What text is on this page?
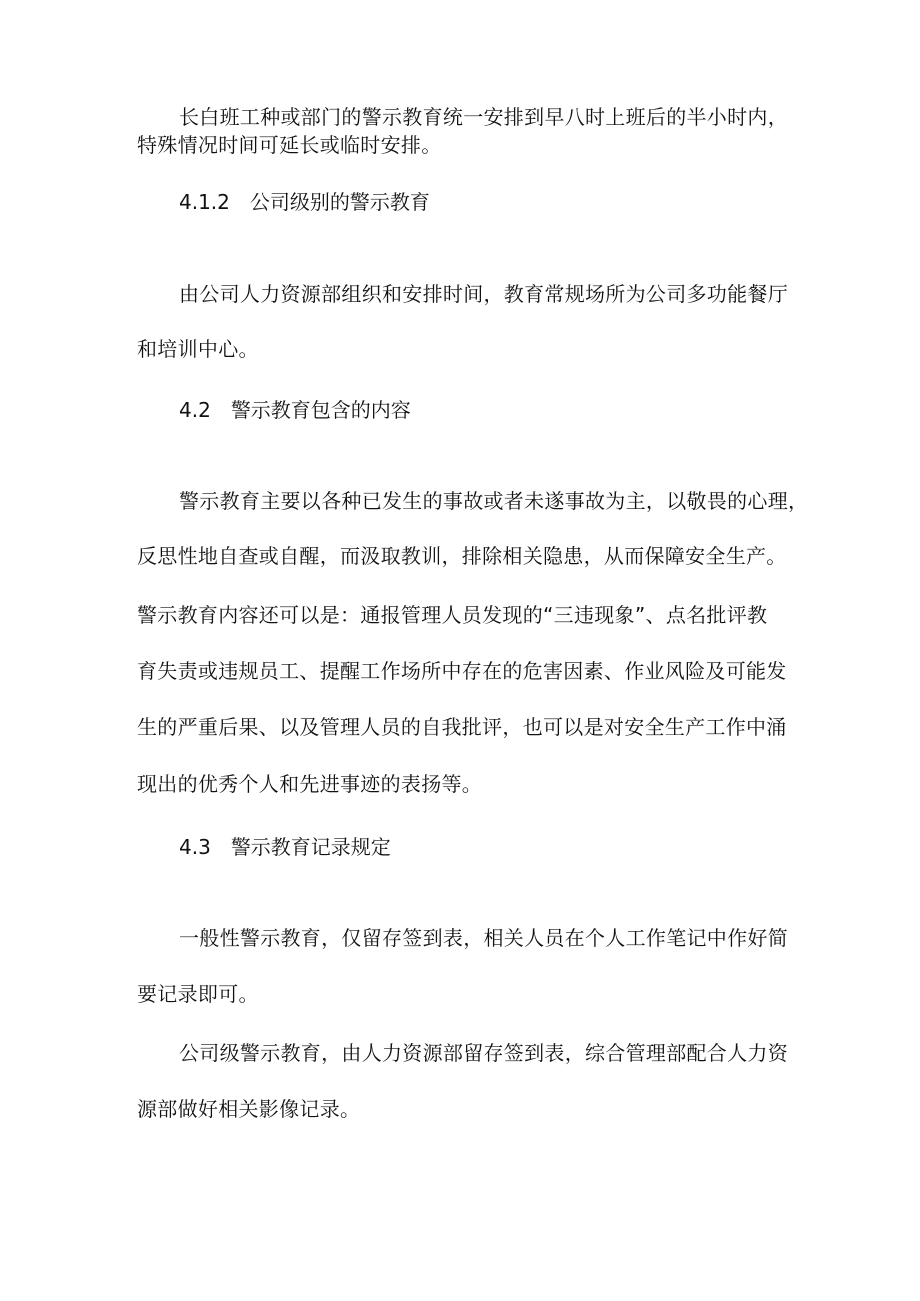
长白班工种或部门的警示教育统一安排到早八时上班后的半小时内，
特殊情况时间可延长或临时安排。
4.1.2 公司级别的警示教育
由公司人力资源部组织和安排时间，教育常规场所为公司多功能餐厅
和培训中心。
4.2 警示教育包含的内容
警示教育主要以各种已发生的事故或者未遂事故为主，以敬畏的心理，
反思性地自查或自醒，而汲取教训，排除相关隐患，从而保障安全生产。
警示教育内容还可以是：通报管理人员发现的“三违现象”、点名批评教
育失责或违规员工、提醒工作场所中存在的危害因素、作业风险及可能发
生的严重后果、以及管理人员的自我批评，也可以是对安全生产工作中涌
现出的优秀个人和先进事迹的表扬等。
4.3 警示教育记录规定
一般性警示教育，仅留存签到表，相关人员在个人工作笔记中作好简
要记录即可。
公司级警示教育，由人力资源部留存签到表，综合管理部配合人力资
源部做好相关影像记录。
